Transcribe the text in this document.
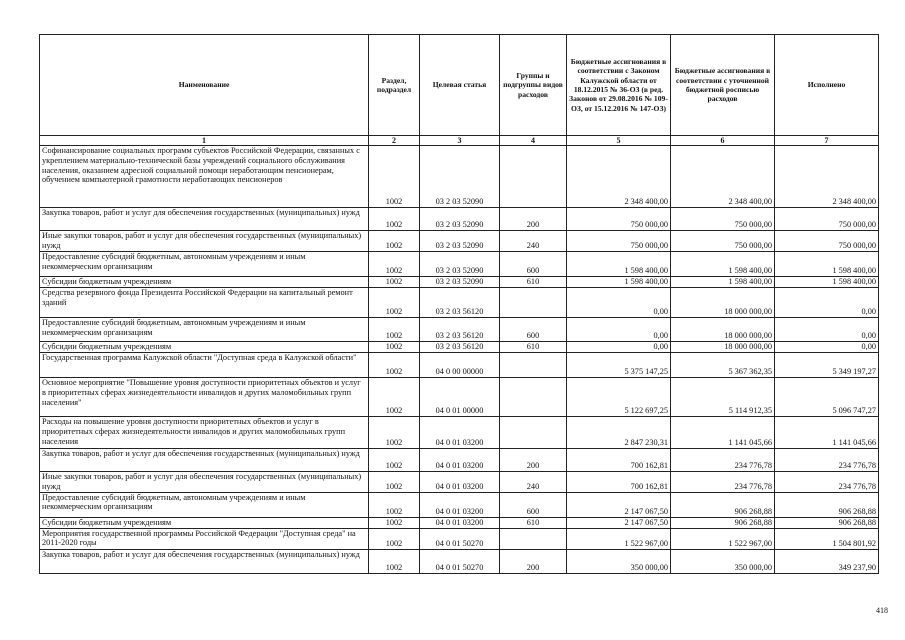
Наименование	Раздел, подраздел	Целевая статья	Группы и подгруппы видов расходов	Бюджетные ассигнования в соответствии с Законом Калужской области от 18.12.2015 № 36-ОЗ (в ред. Законов от 29.08.2016 № 109-ОЗ, от 15.12.2016 № 147-ОЗ)	Бюджетные ассигнования в соответствии с уточненной бюджетной росписью расходов	Исполнено
1	2	3	4	5	6	7
Софинансирование социальных программ субъектов Российской Федерации, связанных с укреплением материально-технической базы учреждений социального обслуживания населения, оказанием адресной социальной помощи неработающим пенсионерам, обучением компьютерной грамотности неработающих пенсионеров	1002	03 2 03 52090		2 348 400,00	2 348 400,00	2 348 400,00
Закупка товаров, работ и услуг для обеспечения государственных (муниципальных) нужд	1002	03 2 03 52090	200	750 000,00	750 000,00	750 000,00
Иные закупки товаров, работ и услуг для обеспечения государственных (муниципальных) нужд	1002	03 2 03 52090	240	750 000,00	750 000,00	750 000,00
Предоставление субсидий бюджетным, автономным учреждениям и иным некоммерческим организациям	1002	03 2 03 52090	600	1 598 400,00	1 598 400,00	1 598 400,00
Субсидии бюджетным учреждениям	1002	03 2 03 52090	610	1 598 400,00	1 598 400,00	1 598 400,00
Средства резервного фонда Президента Российской Федерации на капитальный ремонт зданий	1002	03 2 03 56120		0,00	18 000 000,00	0,00
Предоставление субсидий бюджетным, автономным учреждениям и иным некоммерческим организациям	1002	03 2 03 56120	600	0,00	18 000 000,00	0,00
Субсидии бюджетным учреждениям	1002	03 2 03 56120	610	0,00	18 000 000,00	0,00
Государственная программа Калужской области "Доступная среда в Калужской области"	1002	04 0 00 00000		5 375 147,25	5 367 362,35	5 349 197,27
Основное мероприятие "Повышение уровня доступности приоритетных объектов и услуг в приоритетных сферах жизнедеятельности инвалидов и других маломобильных групп населения"	1002	04 0 01 00000		5 122 697,25	5 114 912,35	5 096 747,27
Расходы на повышение уровня доступности приоритетных объектов и услуг в приоритетных сферах жизнедеятельности инвалидов и других маломобильных групп населения	1002	04 0 01 03200		2 847 230,31	1 141 045,66	1 141 045,66
Закупка товаров, работ и услуг для обеспечения государственных (муниципальных) нужд	1002	04 0 01 03200	200	700 162,81	234 776,78	234 776,78
Иные закупки товаров, работ и услуг для обеспечения государственных (муниципальных) нужд	1002	04 0 01 03200	240	700 162,81	234 776,78	234 776,78
Предоставление субсидий бюджетным, автономным учреждениям и иным некоммерческим организациям	1002	04 0 01 03200	600	2 147 067,50	906 268,88	906 268,88
Субсидии бюджетным учреждениям	1002	04 0 01 03200	610	2 147 067,50	906 268,88	906 268,88
Мероприятия государственной программы Российской Федерации "Доступная среда" на 2011-2020 годы	1002	04 0 01 50270		1 522 967,00	1 522 967,00	1 504 801,92
Закупка товаров, работ и услуг для обеспечения государственных (муниципальных) нужд	1002	04 0 01 50270	200	350 000,00	350 000,00	349 237,90
418
